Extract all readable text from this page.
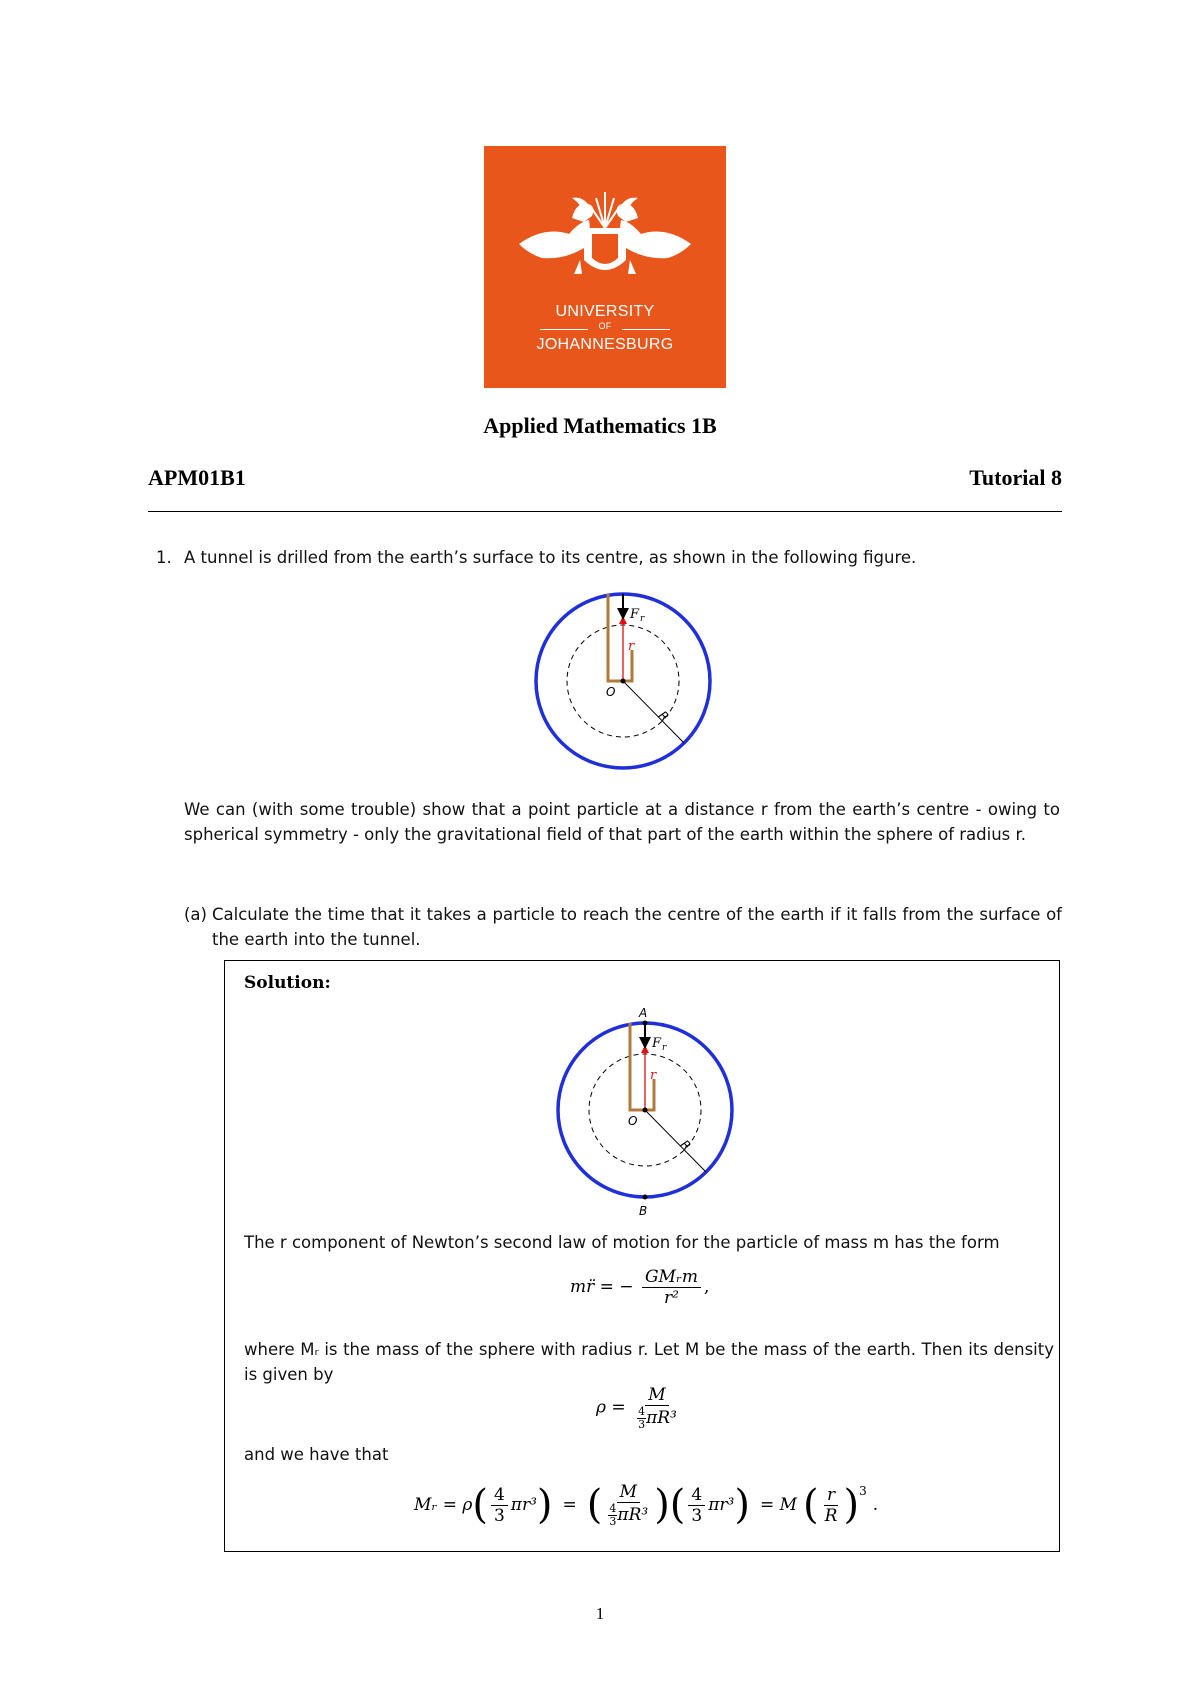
UNIVERSITY
OF
JOHANNESBURG
Applied Mathematics 1B
APM01B1	Tutorial 8
1. A tunnel is drilled from the earth’s surface to its centre, as shown in the following figure.
F r
r
O
R
We can (with some trouble) show that a point particle at a distance r from the earth’s centre - owing to spherical symmetry - only the gravitational field of that part of the earth within the sphere of radius r.
(a) Calculate the time that it takes a particle to reach the centre of the earth if it falls from the surface of the earth into the tunnel.
Solution:
A
B
F r
r
O
R
The r component of Newton’s second law of motion for the particle of mass m has the form
mr̈ = − $\frac{\text{GMᵣm}}{\text{r²}}$ ,
where Mᵣ is the mass of the sphere with radius r. Let M be the mass of the earth. Then its density is given by
$\rho = \frac{M}{\frac{4}{3} \pi R^3}$
and we have that
Mᵣ = ρ ( $\frac{4}{3} \pi r^3$ ) = ( $\frac{M}{\frac{4}{3} \pi R^3}$ ) ( $\frac{4}{3} \pi r^3$ ) = M ( $\frac{r}{R}$ ) 3
.
1
